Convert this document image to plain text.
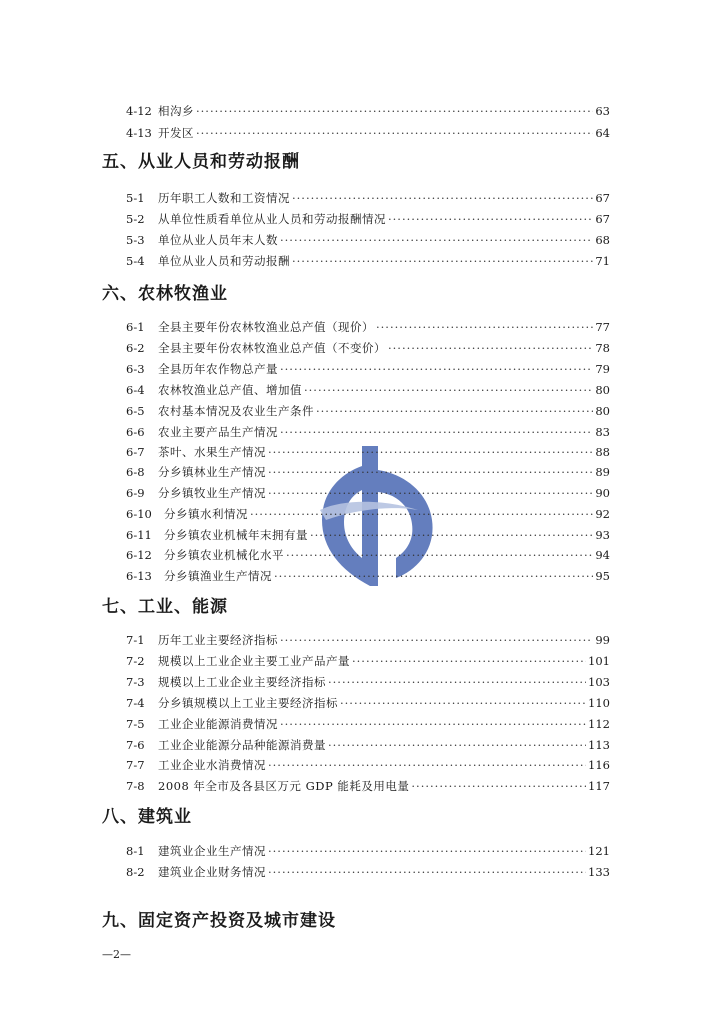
4-12 相沟乡 ·····	63
4-13 开发区 ·····	64
五、从业人员和劳动报酬
5-1	历年职工人数和工资情况 ·····	67
5-2	从单位性质看单位从业人员和劳动报酬情况 ·····	67
5-3	单位从业人员年末人数 ·····	68
5-4	单位从业人员和劳动报酬 ·····	71
六、农林牧渔业
6-1	全县主要年份农林牧渔业总产值（现价） ·····	77
6-2	全县主要年份农林牧渔业总产值（不变价） ·····	78
6-3	全县历年农作物总产量 ·····	79
6-4	农林牧渔业总产值、增加值 ·····	80
6-5	农村基本情况及农业生产条件 ·····	80
6-6	农业主要产品生产情况 ·····	83
6-7	茶叶、水果生产情况 ·····	88
6-8	分乡镇林业生产情况 ·····	89
6-9	分乡镇牧业生产情况 ·····	90
6-10	分乡镇水利情况 ·····	92
6-11	分乡镇农业机械年末拥有量 ·····	93
6-12	分乡镇农业机械化水平 ·····	94
6-13	分乡镇渔业生产情况 ·····	95
七、工业、能源
7-1	历年工业主要经济指标 ·····	99
7-2	规模以上工业企业主要工业产品产量 ·····	101
7-3	规模以上工业企业主要经济指标 ·····	103
7-4	分乡镇规模以上工业主要经济指标 ·····	110
7-5	工业企业能源消费情况 ·····	112
7-6	工业企业能源分品种能源消费量 ·····	113
7-7	工业企业水消费情况 ·····	116
7-8	2008 年全市及各县区万元 GDP 能耗及用电量 ·····	117
八、建筑业
8-1	建筑业企业生产情况 ·····	121
8-2	建筑业企业财务情况 ·····	133
九、固定资产投资及城市建设
—2—
